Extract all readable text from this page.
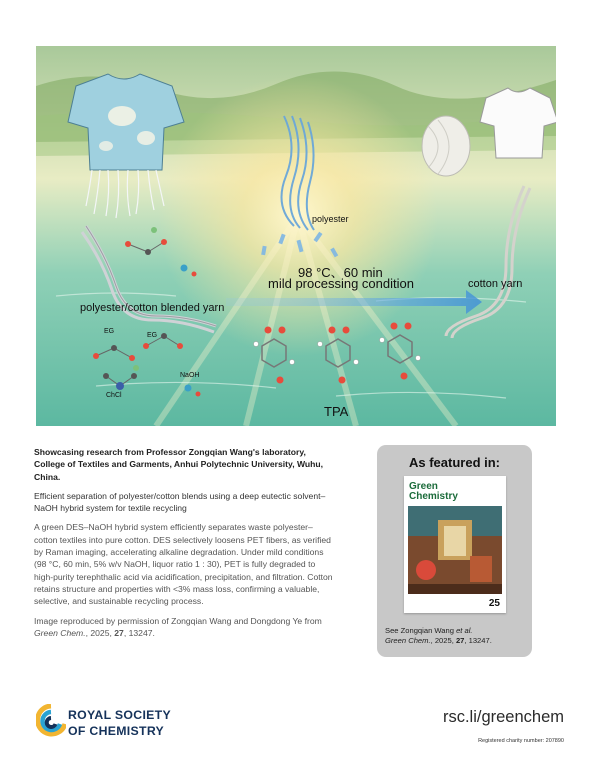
polyester
98 °C、60 min
mild processing condition	cotton yarn
polyester/cotton blended yarn
EG
EG
ChCl
NaOH
TPA

Showcasing research from Professor Zongqian Wang's laboratory, College of Textiles and Garments, Anhui Polytechnic University, Wuhu, China.

Efficient separation of polyester/cotton blends using a deep eutectic solvent–NaOH hybrid system for textile recycling

A green DES–NaOH hybrid system efficiently separates waste polyester–cotton textiles into pure cotton. DES selectively loosens PET fibers, as verified by Raman imaging, accelerating alkaline degradation. Under mild conditions (98 °C, 60 min, 5% w/v NaOH, liquor ratio 1 : 30), PET is fully degraded to high-purity terephthalic acid via acidification, precipitation, and filtration. Cotton retains structure and properties with <3% mass loss, confirming a valuable, selective, and sustainable recycling process.

Image reproduced by permission of Zongqian Wang and Dongdong Ye from Green Chem., 2025, 27, 13247.

As featured in:
Green
Chemistry
25
See Zongqian Wang et al.
Green Chem., 2025, 27, 13247.
ROYAL SOCIETY
OF CHEMISTRY
rsc.li/greenchem
Registered charity number: 207890
